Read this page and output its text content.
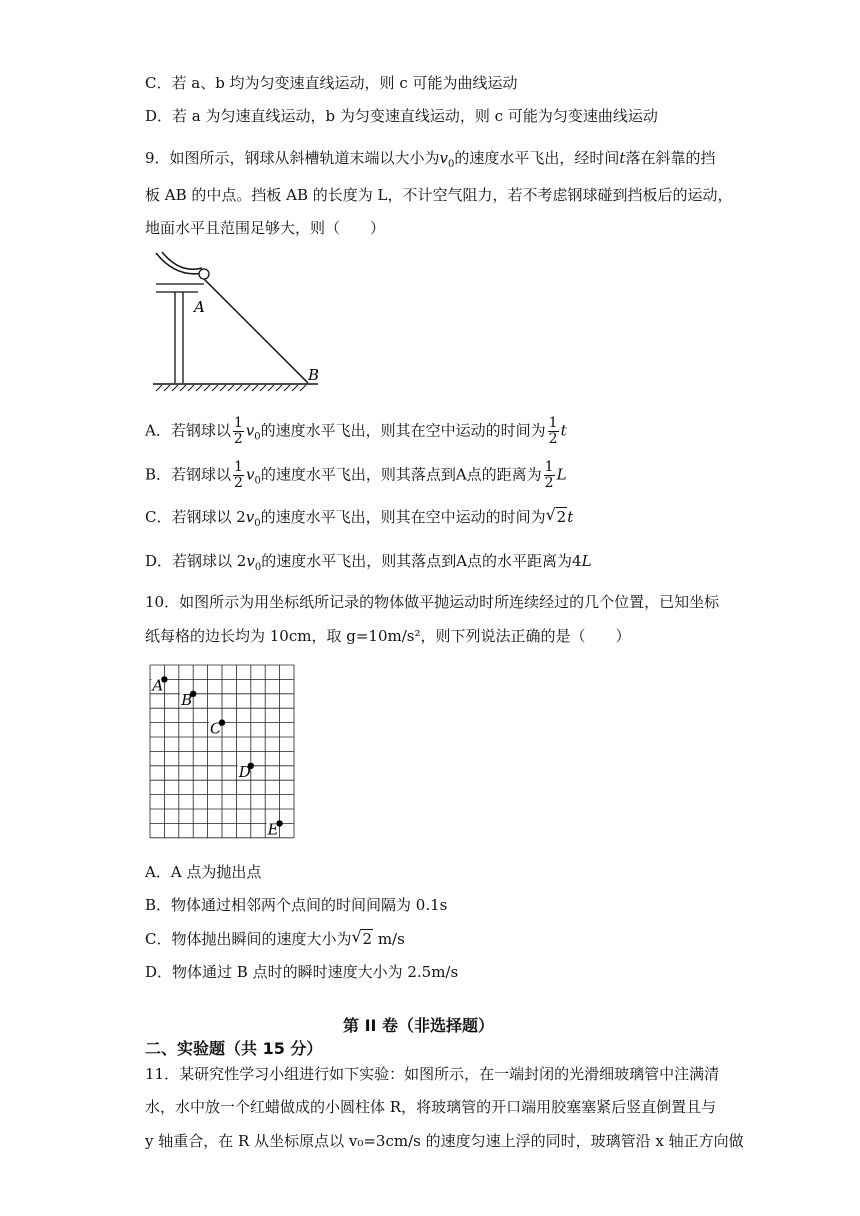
C．若 a、b 均为匀变速直线运动，则 c 可能为曲线运动
D．若 a 为匀速直线运动，b 为匀变速直线运动，则 c 可能为匀变速曲线运动
9．如图所示，钢球从斜槽轨道末端以大小为$v_0$的速度水平飞出，经时间t落在斜靠的挡
板 AB 的中点。挡板 AB 的长度为 L，不计空气阻力，若不考虑钢球碰到挡板后的运动，
地面水平且范围足够大，则（　　）
A
B
A．若钢球以 $\frac{1}{2} v_0$的速度水平飞出，则其在空中运动的时间为 $\frac{1}{2}$ t
B．若钢球以 $\frac{1}{2} v_0$的速度水平飞出，则其落点到A点的距离为 $\frac{1}{2}$ L
C．若钢球以 $2v_0$的速度水平飞出，则其在空中运动的时间为 √ 2t
D．若钢球以 $2v_0$的速度水平飞出，则其落点到A点的水平距离为4L
10．如图所示为用坐标纸所记录的物体做平抛运动时所连续经过的几个位置，已知坐标
纸每格的边长均为 10cm，取 g=10m/s²，则下列说法正确的是（　　）
A
B
C
D
E
A．A 点为抛出点
B．物体通过相邻两个点间的时间间隔为 0.1s
C．物体抛出瞬间的速度大小为 √ 2 m/s
D．物体通过 B 点时的瞬时速度大小为 2.5m/s
第 II 卷（非选择题）
二、实验题（共 15 分）
11．某研究性学习小组进行如下实验：如图所示，在一端封闭的光滑细玻璃管中注满清
水，水中放一个红蜡做成的小圆柱体 R，将玻璃管的开口端用胶塞塞紧后竖直倒置且与
y 轴重合，在 R 从坐标原点以 v₀=3cm/s 的速度匀速上浮的同时，玻璃管沿 x 轴正方向做
